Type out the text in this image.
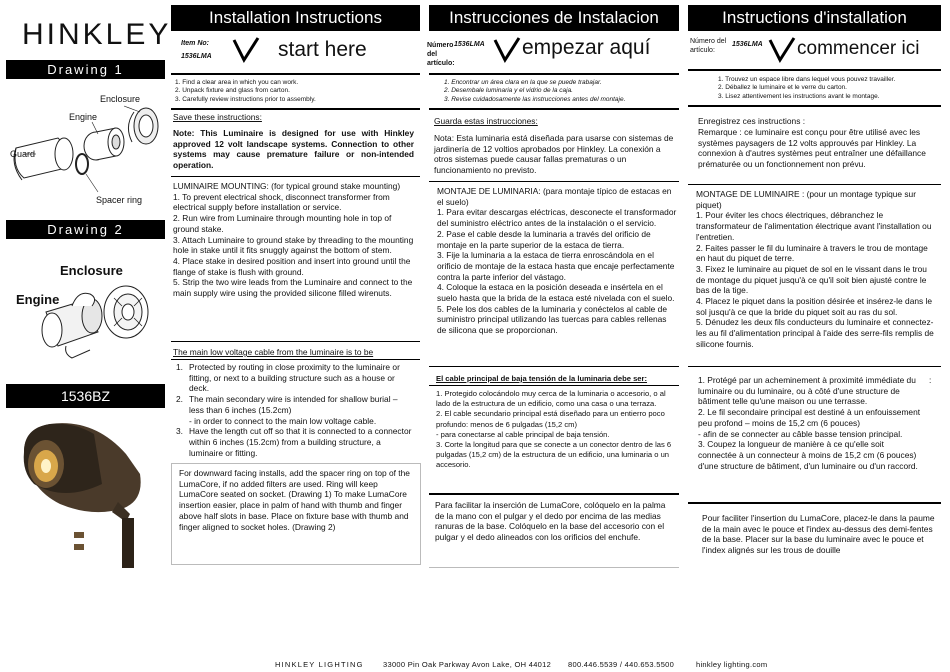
HINKLEY
Drawing 1
Enclosure
Engine
Guard
Spacer ring
Drawing 2
Enclosure
Engine
1536BZ
Installation Instructions
Item No:
1536LMA	start here
1. Find a clear area in which you can work.
2. Unpack fixture and glass from carton.
3. Carefully review instructions prior to assembly.
Save these instructions:
Note: This Luminaire is designed for use with Hinkley approved 12 volt landscape systems. Connection to other systems may cause premature failure or non-intended operation.

LUMINAIRE MOUNTING: (for typical ground stake mounting)

1. To prevent electrical shock, disconnect transformer from electrical supply before installation or service.

2. Run wire from Luminaire through mounting hole in top of ground stake.

3. Attach Luminaire to ground stake by threading to the mounting hole in stake until it fits snuggly against the bottom of stem.

4. Place stake in desired position and insert into ground until the flange of stake is flush with ground.

5. Strip the two wire leads from the Luminaire and connect to the main supply wire using the provided silicone filled wirenuts.

The main low voltage cable from the luminaire is to be
1. Protected by routing in close proximity to the luminaire or fitting, or next to a building structure such as a house or deck.
2. The main secondary wire is intended for shallow burial – less than 6 inches (15.2cm)
- in order to connect to the main low voltage cable.
3. Have the length cut off so that it is connected to a connector within 6 inches (15.2cm) from a building structure, a luminaire or fitting.
For downward facing installs, add the spacer ring on top of the LumaCore, if no added filters are used. Ring will keep LumaCore seated on socket. (Drawing 1) To make LumaCore insertion easier, place in palm of hand with thumb and finger above half slots in base. Place on fixture base with thumb and finger aligned to socket holes. (Drawing 2)
Instrucciones de Instalacion
Número del artículo:
1536LMA empezar aquí
1. Encontrar un área clara en la que se puede trabajar.
2. Desembale luminaria y el vidrio de la caja.
3. Revise cuidadosamente las instrucciones antes del montaje.
Guarda estas instrucciones:
Nota: Esta luminaria está diseñada para usarse con sistemas de jardinería de 12 voltios aprobados por Hinkley. La conexión a otros sistemas puede causar fallas prematuras o un funcionamiento no previsto.

MONTAJE DE LUMINARIA: (para montaje típico de estacas en el suelo)

1. Para evitar descargas eléctricas, desconecte el transformador del suministro eléctrico antes de la instalación o el servicio.

2. Pase el cable desde la luminaria a través del orificio de montaje en la parte superior de la estaca de tierra.

3. Fije la luminaria a la estaca de tierra enroscándola en el orificio de montaje de la estaca hasta que encaje perfectamente contra la parte inferior del vástago.

4. Coloque la estaca en la posición deseada e insértela en el suelo hasta que la brida de la estaca esté nivelada con el suelo.

5. Pele los dos cables de la luminaria y conéctelos al cable de suministro principal utilizando las tuercas para cables rellenas de silicona que se proporcionan.

El cable principal de baja tensión de la luminaria debe ser:
1. Protegido colocándolo muy cerca de la luminaria o accesorio, o al lado de la estructura de un edificio, como una casa o una terraza.
2. El cable secundario principal está diseñado para un entierro poco profundo: menos de 6 pulgadas (15,2 cm)
- para conectarse al cable principal de baja tensión.
3. Corte la longitud para que se conecte a un conector dentro de las 6 pulgadas (15,2 cm) de la estructura de un edificio, una luminaria o un accesorio.
Para facilitar la inserción de LumaCore, colóquelo en la palma de la mano con el pulgar y el dedo por encima de las medias ranuras de la base. Colóquelo en la base del accesorio con el pulgar y el dedo alineados con los orificios del enchufe.
Instructions d'installation
Número del artículo:
1536LMA commencer ici
1. Trouvez un espace libre dans lequel vous pouvez travailler.
2. Déballez le luminaire et le verre du carton.
3. Lisez attentivement les instructions avant le montage.
Enregistrez ces instructions :
Remarque : ce luminaire est conçu pour être utilisé avec les systèmes paysagers de 12 volts approuvés par Hinkley. La connexion à d'autres systèmes peut entraîner une défaillance prématurée ou un fonctionnement non prévu.

MONTAGE DE LUMINAIRE : (pour un montage typique sur piquet)

1. Pour éviter les chocs électriques, débranchez le transformateur de l'alimentation électrique avant l'installation ou l'entretien.

2. Faites passer le fil du luminaire à travers le trou de montage en haut du piquet de terre.

3. Fixez le luminaire au piquet de sol en le vissant dans le trou de montage du piquet jusqu'à ce qu'il soit bien ajusté contre le bas de la tige.

4. Placez le piquet dans la position désirée et insérez-le dans le sol jusqu'à ce que la bride du piquet soit au ras du sol.

5. Dénudez les deux fils conducteurs du luminaire et connectez-les au fil d'alimentation principal à l'aide des serre-fils remplis de silicone fournis.

1. Protégé par un acheminement à proximité immédiate du luminaire ou du luminaire, ou à côté d'une structure de bâtiment telle qu'une maison ou une terrasse.
2. Le fil secondaire principal est destiné à un enfouissement peu profond – moins de 15,2 cm (6 pouces)
- afin de se connecter au câble basse tension principal.
3. Coupez la longueur de manière à ce qu'elle soit connectée à un connecteur à moins de 15,2 cm (6 pouces) d'une structure de bâtiment, d'un luminaire ou d'un raccord.
:
Pour faciliter l'insertion du LumaCore, placez-le dans la paume de la main avec le pouce et l'index au-dessus des demi-fentes de la base. Placer sur la base du luminaire avec le pouce et l'index alignés sur les trous de douille
HINKLEY LIGHTING	33000 Pin Oak Parkway Avon Lake, OH 44012	800.446.5539 / 440.653.5500	hinkley lighting.com
